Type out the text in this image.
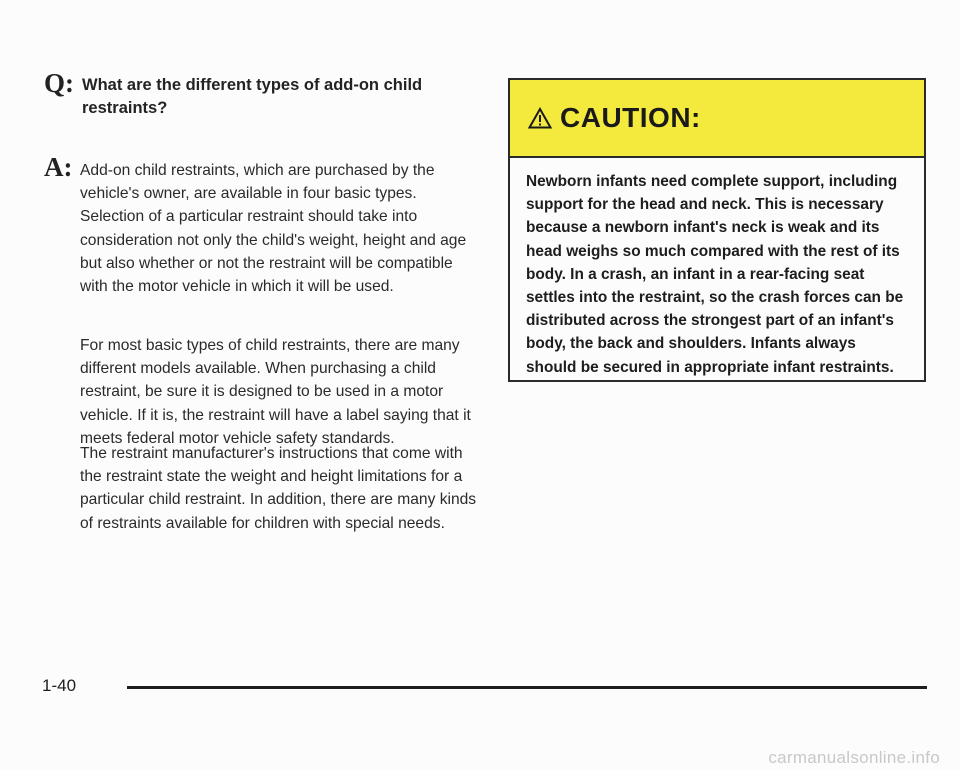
Q: What are the different types of add-on child restraints?
A: Add-on child restraints, which are purchased by the vehicle's owner, are available in four basic types. Selection of a particular restraint should take into consideration not only the child's weight, height and age but also whether or not the restraint will be compatible with the motor vehicle in which it will be used.

For most basic types of child restraints, there are many different models available. When purchasing a child restraint, be sure it is designed to be used in a motor vehicle. If it is, the restraint will have a label saying that it meets federal motor vehicle safety standards.

The restraint manufacturer's instructions that come with the restraint state the weight and height limitations for a particular child restraint. In addition, there are many kinds of restraints available for children with special needs.

CAUTION:
Newborn infants need complete support, including support for the head and neck. This is necessary because a newborn infant's neck is weak and its head weighs so much compared with the rest of its body. In a crash, an infant in a rear-facing seat settles into the restraint, so the crash forces can be distributed across the strongest part of an infant's body, the back and shoulders. Infants always should be secured in appropriate infant restraints.
1-40
carmanualsonline.info
